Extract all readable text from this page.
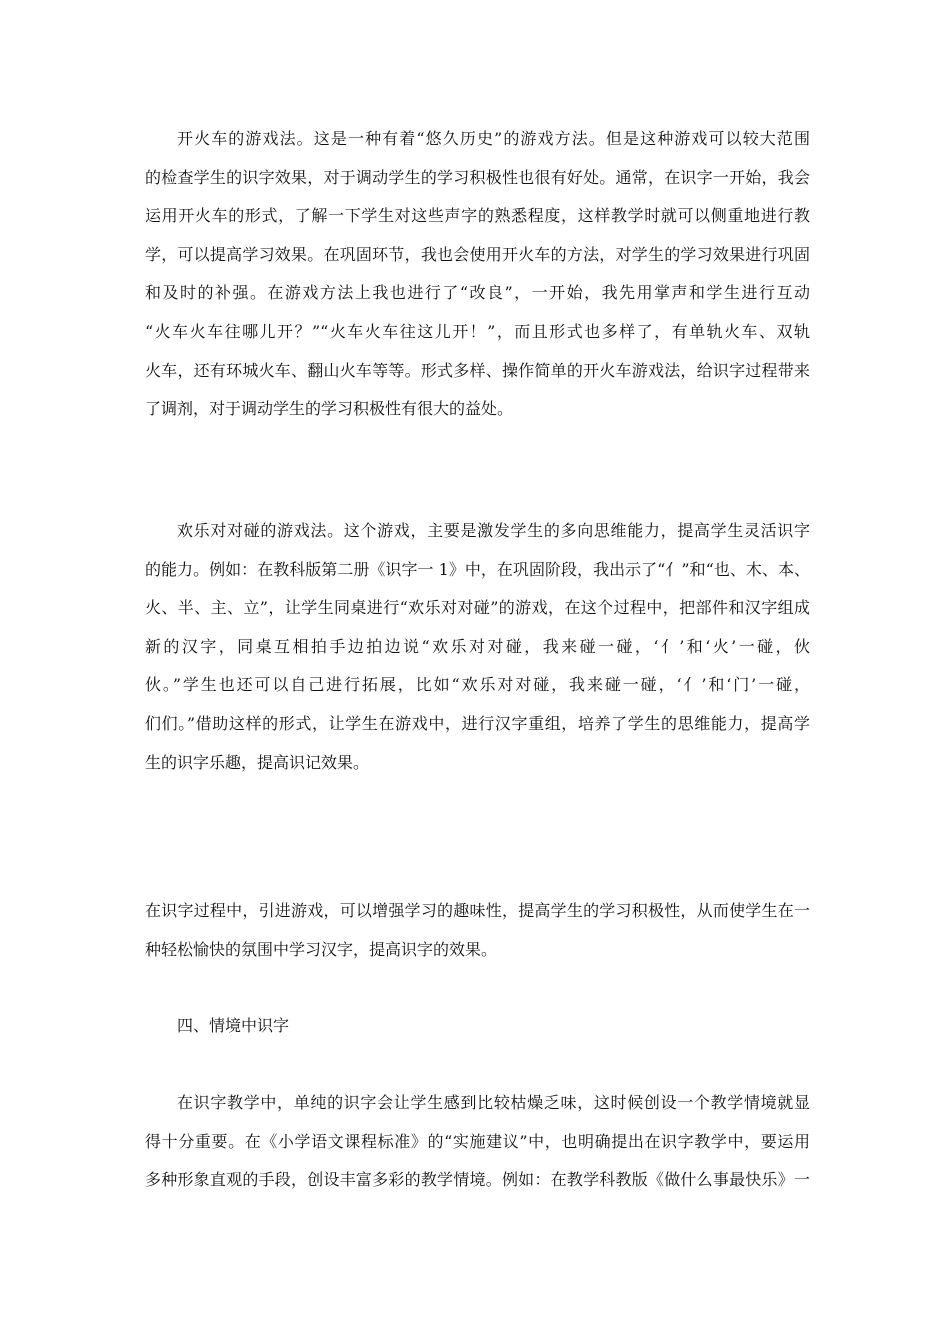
开火车的游戏法。这是一种有着“悠久历史”的游戏方法。但是这种游戏可以较大范围
的检查学生的识字效果，对于调动学生的学习积极性也很有好处。通常，在识字一开始，我会
运用开火车的形式，了解一下学生对这些声字的熟悉程度，这样教学时就可以侧重地进行教
学，可以提高学习效果。在巩固环节，我也会使用开火车的方法，对学生的学习效果进行巩固
和及时的补强。在游戏方法上我也进行了“改良”，一开始，我先用掌声和学生进行互动
“火车火车往哪儿开？”“火车火车往这儿开！”，而且形式也多样了，有单轨火车、双轨
火车，还有环城火车、翻山火车等等。形式多样、操作简单的开火车游戏法，给识字过程带来
了调剂，对于调动学生的学习积极性有很大的益处。
欢乐对对碰的游戏法。这个游戏，主要是激发学生的多向思维能力，提高学生灵活识字
的能力。例如：在教科版第二册《识字一 1》中，在巩固阶段，我出示了“亻”和“也、木、本、
火、半、主、立”，让学生同桌进行“欢乐对对碰”的游戏，在这个过程中，把部件和汉字组成
新的汉字，同桌互相拍手边拍边说“欢乐对对碰，我来碰一碰，‘亻’和‘火’一碰，伙
伙。”学生也还可以自己进行拓展，比如“欢乐对对碰，我来碰一碰，‘亻’和‘门’一碰，
们们。”借助这样的形式，让学生在游戏中，进行汉字重组，培养了学生的思维能力，提高学
生的识字乐趣，提高识记效果。
在识字过程中，引进游戏，可以增强学习的趣味性，提高学生的学习积极性，从而使学生在一
种轻松愉快的氛围中学习汉字，提高识字的效果。
四、情境中识字
在识字教学中，单纯的识字会让学生感到比较枯燥乏味，这时候创设一个教学情境就显
得十分重要。在《小学语文课程标准》的“实施建议”中，也明确提出在识字教学中，要运用
多种形象直观的手段，创设丰富多彩的教学情境。例如：在教学科教版《做什么事最快乐》一
